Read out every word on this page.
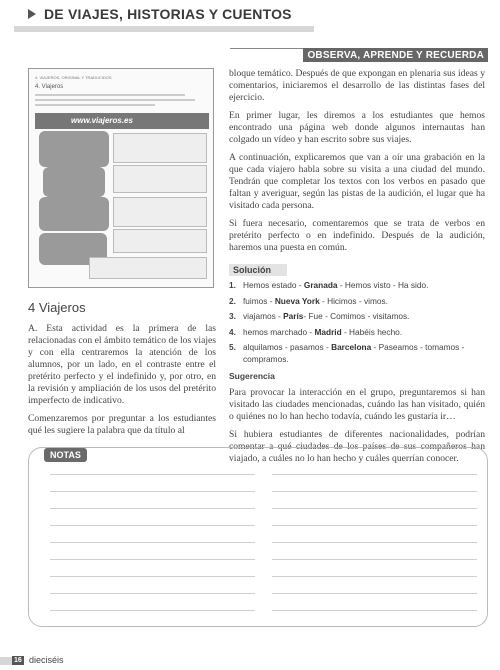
DE VIAJES, HISTORIAS Y CUENTOS
OBSERVA, APRENDE Y RECUERDA
4. VIAJEROS, ORIGINAL Y TRADUCIDOS
4. Viajeros
www.viajeros.es
4 Viajeros

A. Esta actividad es la primera de las relacionadas con el ámbito temático de los viajes y con ella centraremos la atención de los alumnos, por un lado, en el contraste entre el pretérito perfecto y el indefinido y, por otro, en la revisión y ampliación de los usos del pretérito imperfecto de indicativo.

Comenzaremos por preguntar a los estudiantes qué les sugiere la palabra que da título al

bloque temático. Después de que expongan en plenaria sus ideas y comentarios, iniciaremos el desarrollo de las distintas fases del ejercicio.

En primer lugar, les diremos a los estudiantes que hemos encontrado una página web donde algunos internautas han colgado un vídeo y han escrito sobre sus viajes.

A continuación, explicaremos que van a oír una grabación en la que cada viajero habla sobre su visita a una ciudad del mundo. Tendrán que completar los textos con los verbos en pasado que faltan y averiguar, según las pistas de la audición, el lugar que ha visitado cada persona.

Si fuera necesario, comentaremos que se trata de verbos en pretérito perfecto o en indefinido. Después de la audición, haremos una puesta en común.

Solución
1. Hemos estado - Granada - Hemos visto - Ha sido.
2. fuimos - Nueva York - Hicimos - vimos.
3. viajamos - París- Fue - Comimos - visitamos.
4. hemos marchado - Madrid - Habéis hecho.
5. alquilamos - pasamos - Barcelona - Paseamos - tomamos - compramos.
Sugerencia

Para provocar la interacción en el grupo, preguntaremos si han visitado las ciudades mencionadas, cuándo las han visitado, quién o quiénes no lo han hecho todavía, cuándo les gustaría ir…

Si hubiera estudiantes de diferentes nacionalidades, podrían comentar a qué ciudades de los países de sus compañeros han viajado, a cuáles no lo han hecho y cuáles querrían conocer.

NOTAS
16 dieciséis
